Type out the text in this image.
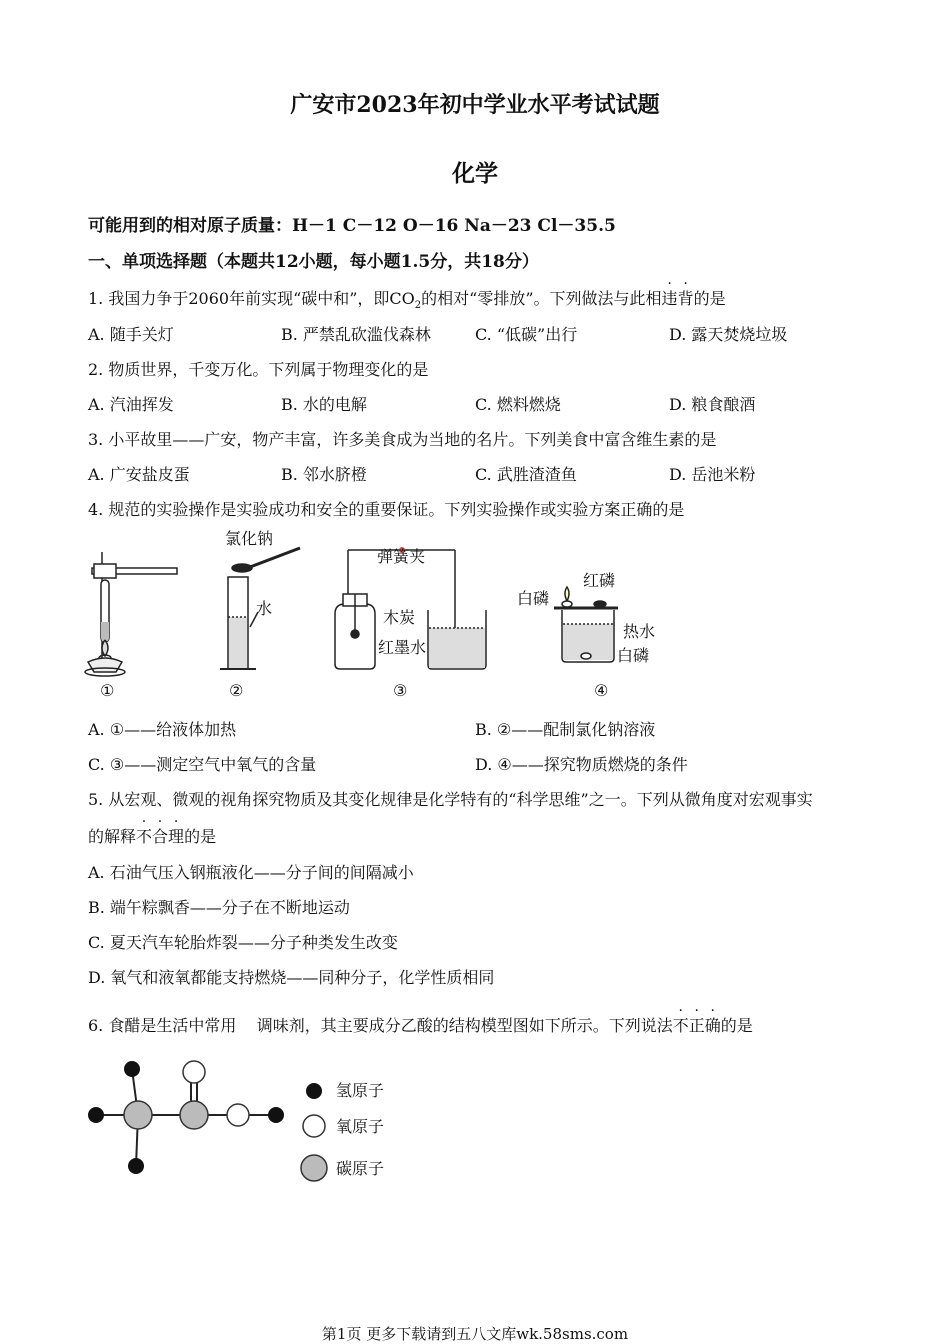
广安市2023年初中学业水平考试试题
化学
可能用到的相对原子质量：H－1 C－12 O－16 Na－23 Cl－35.5
一、单项选择题（本题共12小题，每小题1.5分，共18分）
1. 我国力争于2060年前实现“碳中和”，即$CO_2$的相对“零排放”。下列做法与此相违背的是
A. 随手关灯	B. 严禁乱砍滥伐森林	C. “低碳”出行	D. 露天焚烧垃圾
2. 物质世界，千变万化。下列属于物理变化的是
A. 汽油挥发	B. 水的电解	C. 燃料燃烧	D. 粮食酿酒
3. 小平故里——广安，物产丰富，许多美食成为当地的名片。下列美食中富含维生素的是
A. 广安盐皮蛋	B. 邻水脐橙	C. 武胜渣渣鱼	D. 岳池米粉
4. 规范的实验操作是实验成功和安全的重要保证。下列实验操作或实验方案正确的是
氯化钠
水
弹簧夹
木炭
红墨水
红磷
白磷
热水
白磷
①	②	③	④
A. ①——给液体加热	B. ②——配制氯化钠溶液
C. ③——测定空气中氧气的含量	D. ④——探究物质燃烧的条件
5. 从宏观、微观的视角探究物质及其变化规律是化学特有的“科学思维”之一。下列从微角度对宏观事实
的解释不合理的是
A. 石油气压入钢瓶液化——分子间的间隔减小
B. 端午粽飘香——分子在不断地运动
C. 夏天汽车轮胎炸裂——分子种类发生改变
D. 氧气和液氧都能支持燃烧——同种分子，化学性质相同
6. 食醋是生活中常用    调味剂，其主要成分乙酸的结构模型图如下所示。下列说法不正确的是
氢原子
氧原子
碳原子
第1页 更多下载请到五八文库wk.58sms.com
